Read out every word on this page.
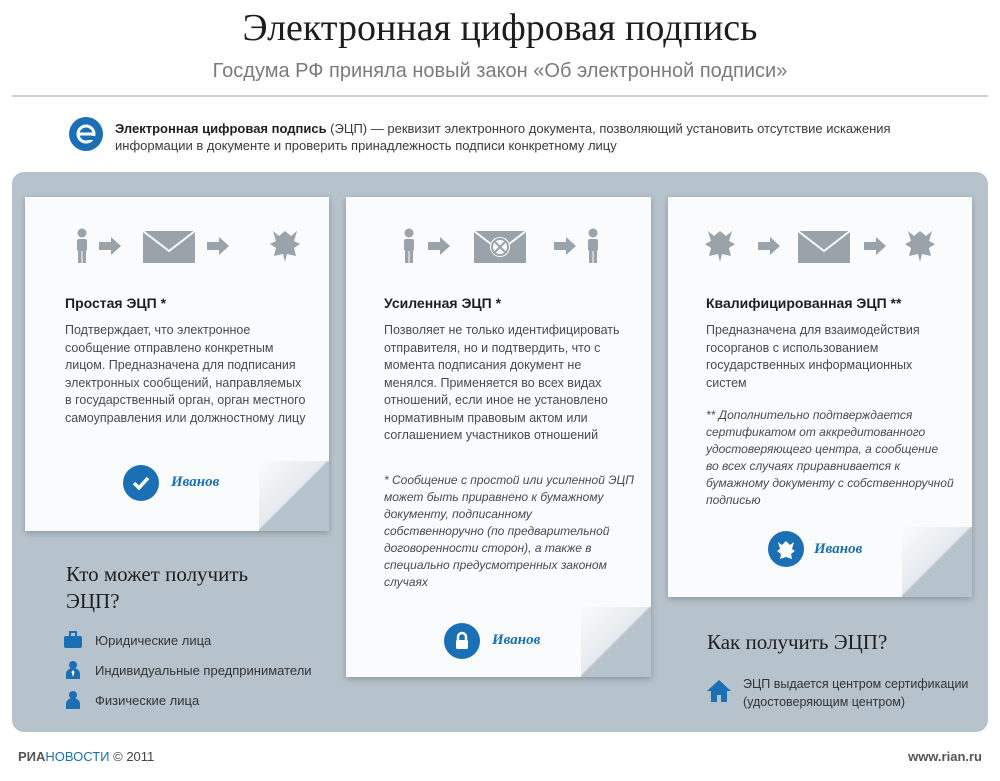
Электронная цифровая подпись
Госдума РФ приняла новый закон «Об электронной подписи»
Электронная цифровая подпись (ЭЦП) — реквизит электронного документа, позволяющий установить отсутствие искажения информации в документе и проверить принадлежность подписи конкретному лицу
Простая ЭЦП *
Подтверждает, что электронное сообщение отправлено конкретным лицом. Предназначена для подписания электронных сообщений, направляемых в государственный орган, орган местного самоуправления или должностному лицу
Иванов
Усиленная ЭЦП *
Позволяет не только идентифицировать отправителя, но и подтвердить, что с момента подписания документ не менялся. Применяется во всех видах отношений, если иное не установлено нормативным правовым актом или соглашением участников отношений
* Сообщение с простой или усиленной ЭЦП может быть приравнено к бумажному документу, подписанному собственноручно (по предварительной договоренности сторон), а также в специально предусмотренных законом случаях
Иванов
Квалифицированная ЭЦП **
Предназначена для взаимодействия госорганов с использованием государственных информационных систем
** Дополнительно подтверждается сертификатом от аккредитованного удостоверяющего центра, а сообщение во всех случаях приравнивается к бумажному документу с собственноручной подписью
Иванов
Кто может получить ЭЦП?
Юридические лица
Индивидуальные предприниматели
Физические лица
Как получить ЭЦП?
ЭЦП выдается центром сертификации (удостоверяющим центром)
РИАНОВОСТИ © 2011	www.rian.ru
